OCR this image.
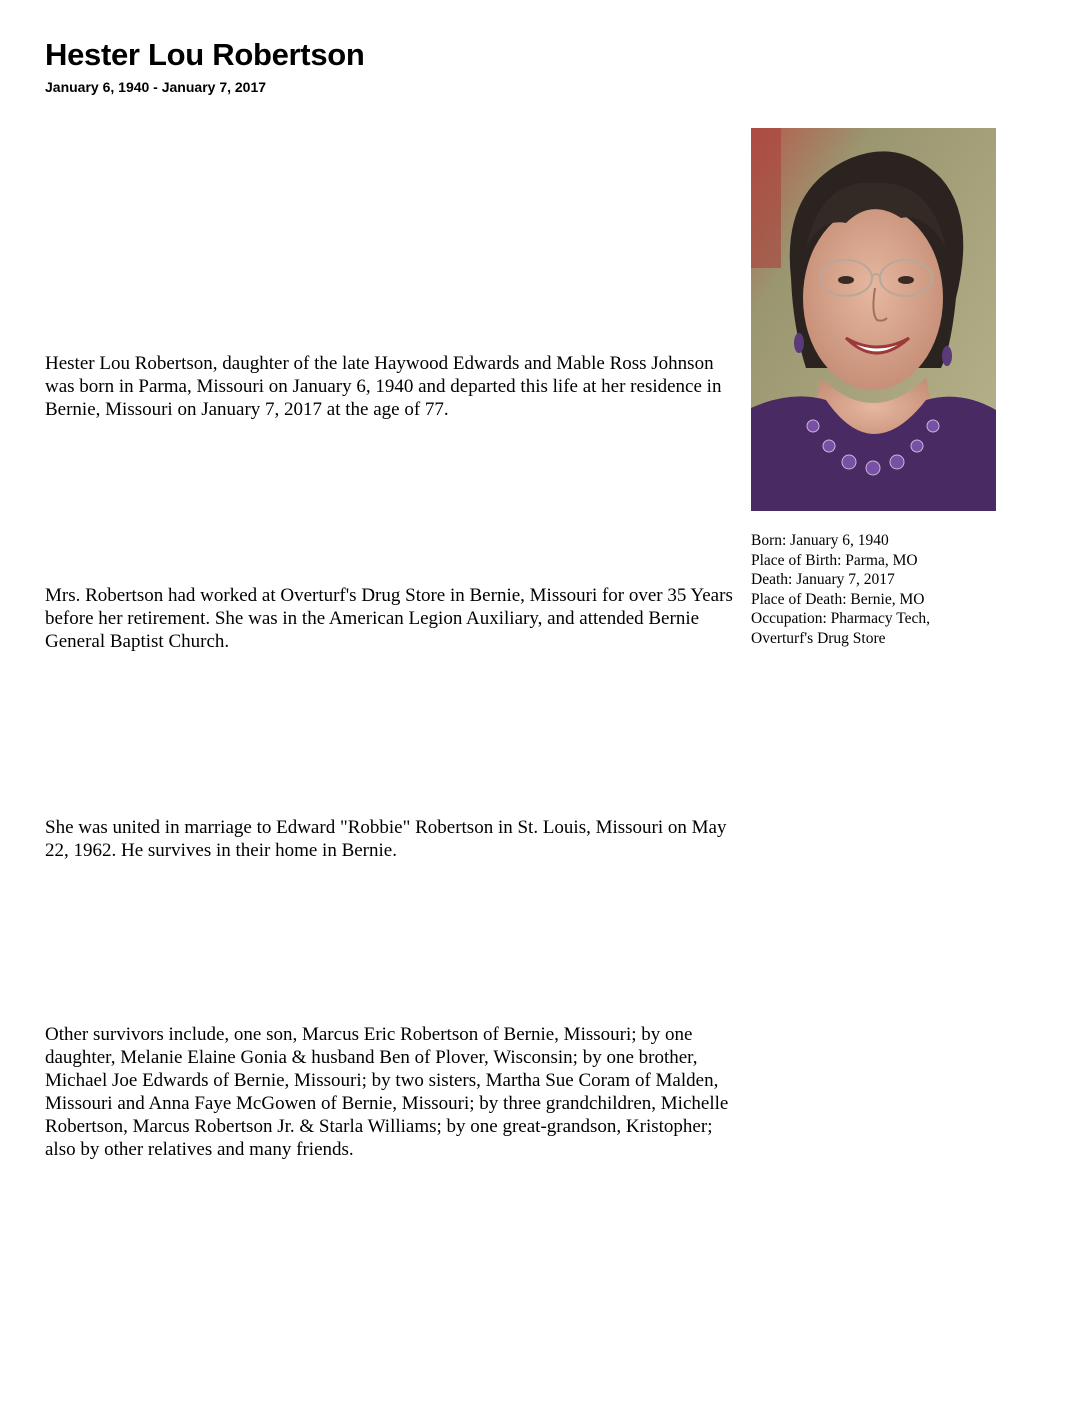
Hester Lou Robertson
January 6, 1940 - January 7, 2017
Born: January 6, 1940
Place of Birth: Parma, MO
Death: January 7, 2017
Place of Death: Bernie, MO
Occupation: Pharmacy Tech,
Overturf's Drug Store

Hester Lou Robertson, daughter of the late Haywood Edwards and Mable Ross Johnson was born in Parma, Missouri on January 6, 1940 and departed this life at her residence in Bernie, Missouri on January 7, 2017 at the age of 77.

Mrs. Robertson had worked at Overturf's Drug Store in Bernie, Missouri for over 35 Years before her retirement. She was in the American Legion Auxiliary, and attended Bernie General Baptist Church.

She was united in marriage to Edward "Robbie" Robertson in St. Louis, Missouri on May 22, 1962. He survives in their home in Bernie.

Other survivors include, one son, Marcus Eric Robertson of Bernie, Missouri; by one daughter, Melanie Elaine Gonia & husband Ben of Plover, Wisconsin; by one brother, Michael Joe Edwards of Bernie, Missouri; by two sisters, Martha Sue Coram of Malden, Missouri and Anna Faye McGowen of Bernie, Missouri; by three grandchildren, Michelle Robertson, Marcus Robertson Jr. & Starla Williams; by one great-grandson, Kristopher; also by other relatives and many friends.
